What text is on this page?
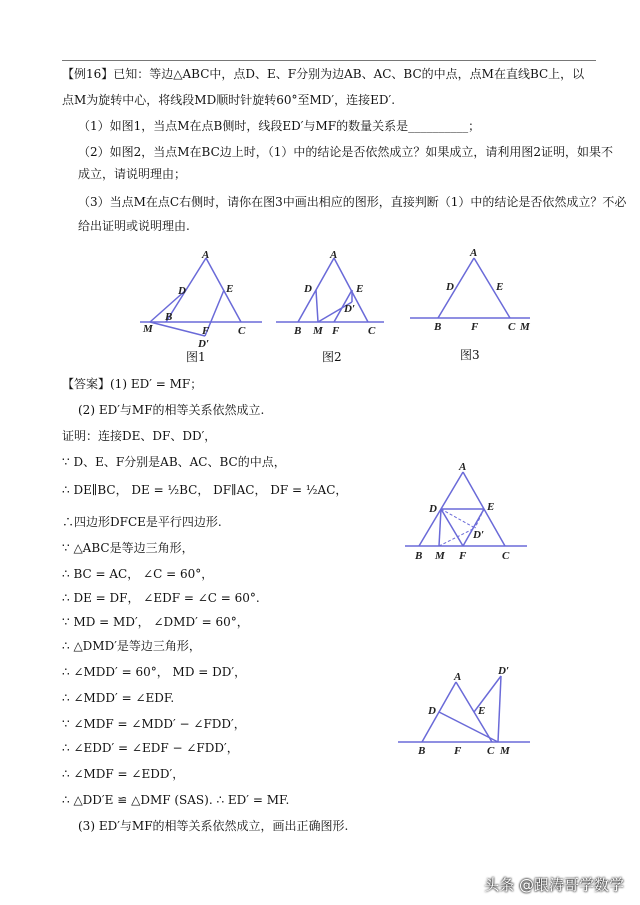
【例16】已知：等边△ABC中，点D、E、F分别为边AB、AC、BC的中点，点M在直线BC上，以
点M为旋转中心，将线段MD顺时针旋转60°至MD′，连接ED′.
（1）如图1，当点M在点B侧时，线段ED′与MF的数量关系是__________；
（2）如图2，当点M在BC边上时，（1）中的结论是否依然成立？如果成立，请利用图2证明，如果不
成立，请说明理由；
（3）当点M在点C右侧时，请你在图3中画出相应的图形，直接判断（1）中的结论是否依然成立？不必
给出证明或说明理由.
A
D	E
M
B
F	C
D′
图1
A
D	E
D′
B M F	C
图2
A
D	E
B	F	C M
图3
【答案】(1) ED′ = MF；
(2) ED′与MF的相等关系依然成立.
证明：连接DE、DF、DD′，
∵ D、E、F分别是AB、AC、BC的中点，
∴ DE∥BC， DE = ½BC， DF∥AC， DF = ½AC，
∴四边形DFCE是平行四边形.
∵ △ABC是等边三角形，
∴ BC = AC， ∠C = 60°，
∴ DE = DF， ∠EDF = ∠C = 60°.
∵ MD = MD′， ∠DMD′ = 60°，
∴ △DMD′是等边三角形，
∴ ∠MDD′ = 60°， MD = DD′，
∴ ∠MDD′ = ∠EDF.
∵ ∠MDF = ∠MDD′ − ∠FDD′，
∴ ∠EDD′ = ∠EDF − ∠FDD′，
∴ ∠MDF = ∠EDD′，
∴ △DD′E ≌ △DMF (SAS). ∴ ED′ = MF.
(3) ED′与MF的相等关系依然成立，画出正确图形.
A
D	E
D′
B M F	C
A	D′
D	E
B	F C M
头条 @跟涛哥学数学
